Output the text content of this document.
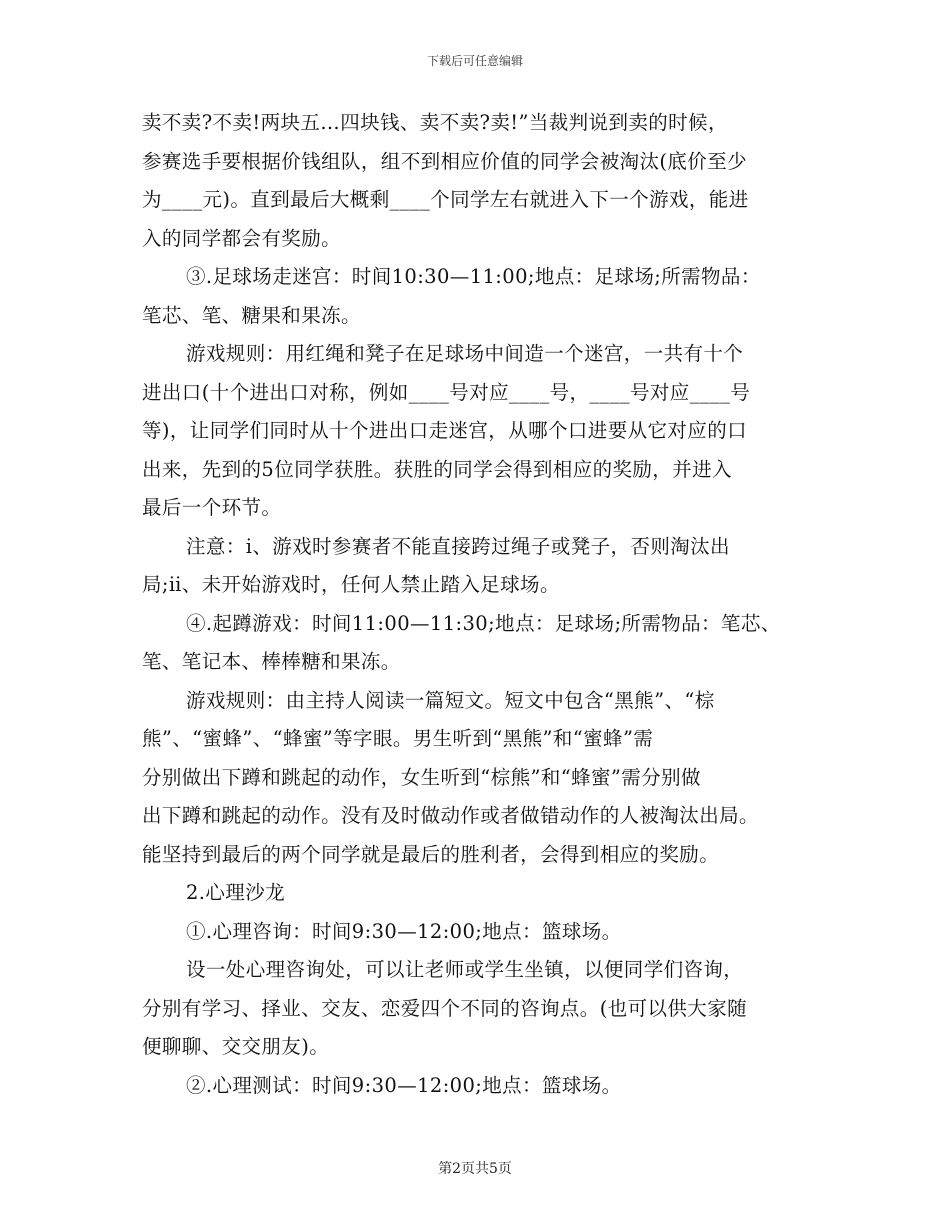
下载后可任意编辑
卖不卖?不卖!两块五…四块钱、卖不卖?卖!”当裁判说到卖的时候，
参赛选手要根据价钱组队，组不到相应价值的同学会被淘汰(底价至少
为____元)。直到最后大概剩____个同学左右就进入下一个游戏，能进
入的同学都会有奖励。
③.足球场走迷宫：时间10:30—11:00;地点：足球场;所需物品：
笔芯、笔、糖果和果冻。
游戏规则：用红绳和凳子在足球场中间造一个迷宫，一共有十个
进出口(十个进出口对称，例如____号对应____号，____号对应____号
等)，让同学们同时从十个进出口走迷宫，从哪个口进要从它对应的口
出来，先到的5位同学获胜。获胜的同学会得到相应的奖励，并进入
最后一个环节。
注意：ⅰ、游戏时参赛者不能直接跨过绳子或凳子，否则淘汰出
局;ⅱ、未开始游戏时，任何人禁止踏入足球场。
④.起蹲游戏：时间11:00—11:30;地点：足球场;所需物品：笔芯、
笔、笔记本、棒棒糖和果冻。
游戏规则：由主持人阅读一篇短文。短文中包含“黑熊”、“棕
熊”、“蜜蜂”、“蜂蜜”等字眼。男生听到“黑熊”和“蜜蜂”需
分别做出下蹲和跳起的动作，女生听到“棕熊”和“蜂蜜”需分别做
出下蹲和跳起的动作。没有及时做动作或者做错动作的人被淘汰出局。
能坚持到最后的两个同学就是最后的胜利者，会得到相应的奖励。
2.心理沙龙
①.心理咨询：时间9:30—12:00;地点：篮球场。
设一处心理咨询处，可以让老师或学生坐镇，以便同学们咨询，
分别有学习、择业、交友、恋爱四个不同的咨询点。(也可以供大家随
便聊聊、交交朋友)。
②.心理测试：时间9:30—12:00;地点：篮球场。
第2页共5页
